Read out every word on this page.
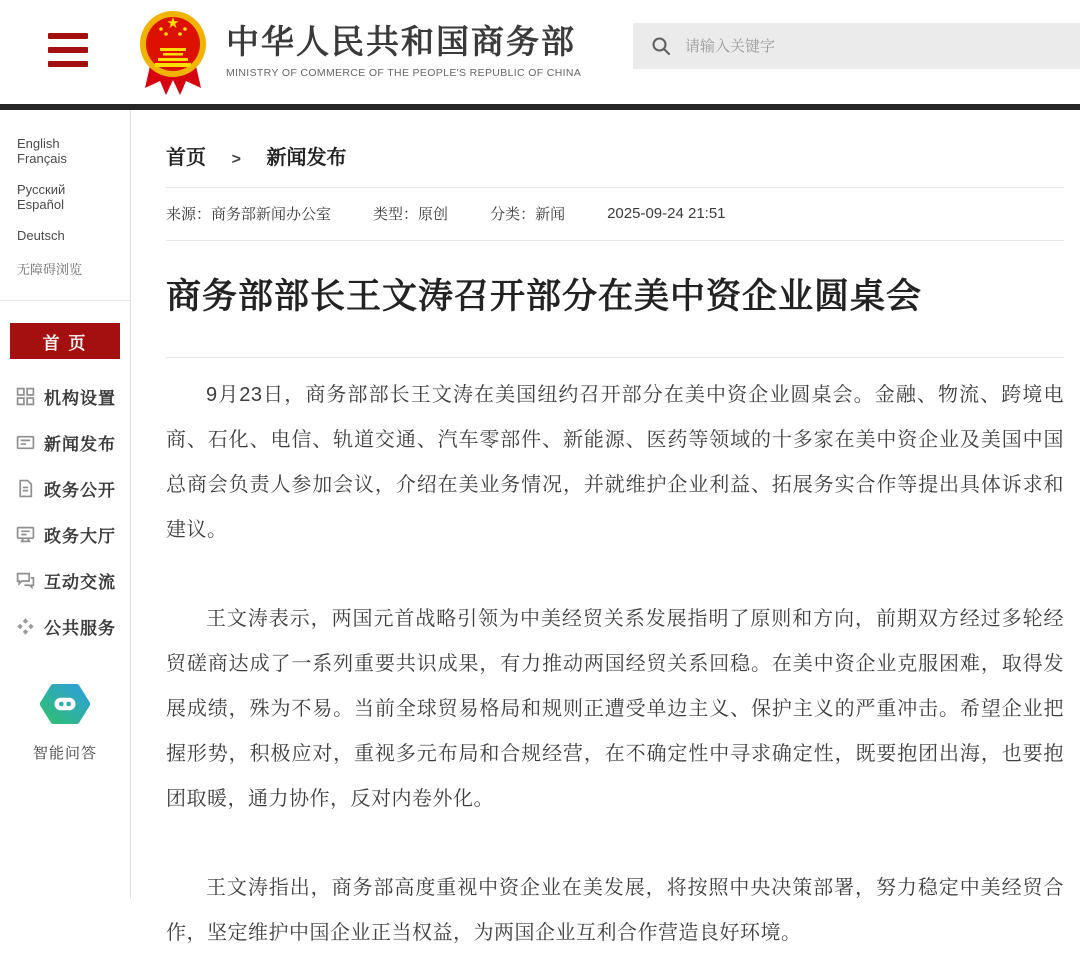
中华人民共和国商务部
MINISTRY OF COMMERCE OF THE PEOPLE'S REPUBLIC OF CHINA
请输入关键字
English Français
Русский Español
Deutsch
无障碍浏览
首 页
机构设置
新闻发布
政务公开
政务大厅
互动交流
公共服务
智能问答
首页 > 新闻发布
来源：商务部新闻办公室	类型：原创	分类：新闻	2025-09-24 21:51
商务部部长王文涛召开部分在美中资企业圆桌会

9月23日，商务部部长王文涛在美国纽约召开部分在美中资企业圆桌会。金融、物流、跨境电商、石化、电信、轨道交通、汽车零部件、新能源、医药等领域的十多家在美中资企业及美国中国总商会负责人参加会议，介绍在美业务情况，并就维护企业利益、拓展务实合作等提出具体诉求和建议。

王文涛表示，两国元首战略引领为中美经贸关系发展指明了原则和方向，前期双方经过多轮经贸磋商达成了一系列重要共识成果，有力推动两国经贸关系回稳。在美中资企业克服困难，取得发展成绩，殊为不易。当前全球贸易格局和规则正遭受单边主义、保护主义的严重冲击。希望企业把握形势，积极应对，重视多元布局和合规经营，在不确定性中寻求确定性，既要抱团出海，也要抱团取暖，通力协作，反对内卷外化。

王文涛指出，商务部高度重视中资企业在美发展，将按照中央决策部署，努力稳定中美经贸合作，坚定维护中国企业正当权益，为两国企业互利合作营造良好环境。
